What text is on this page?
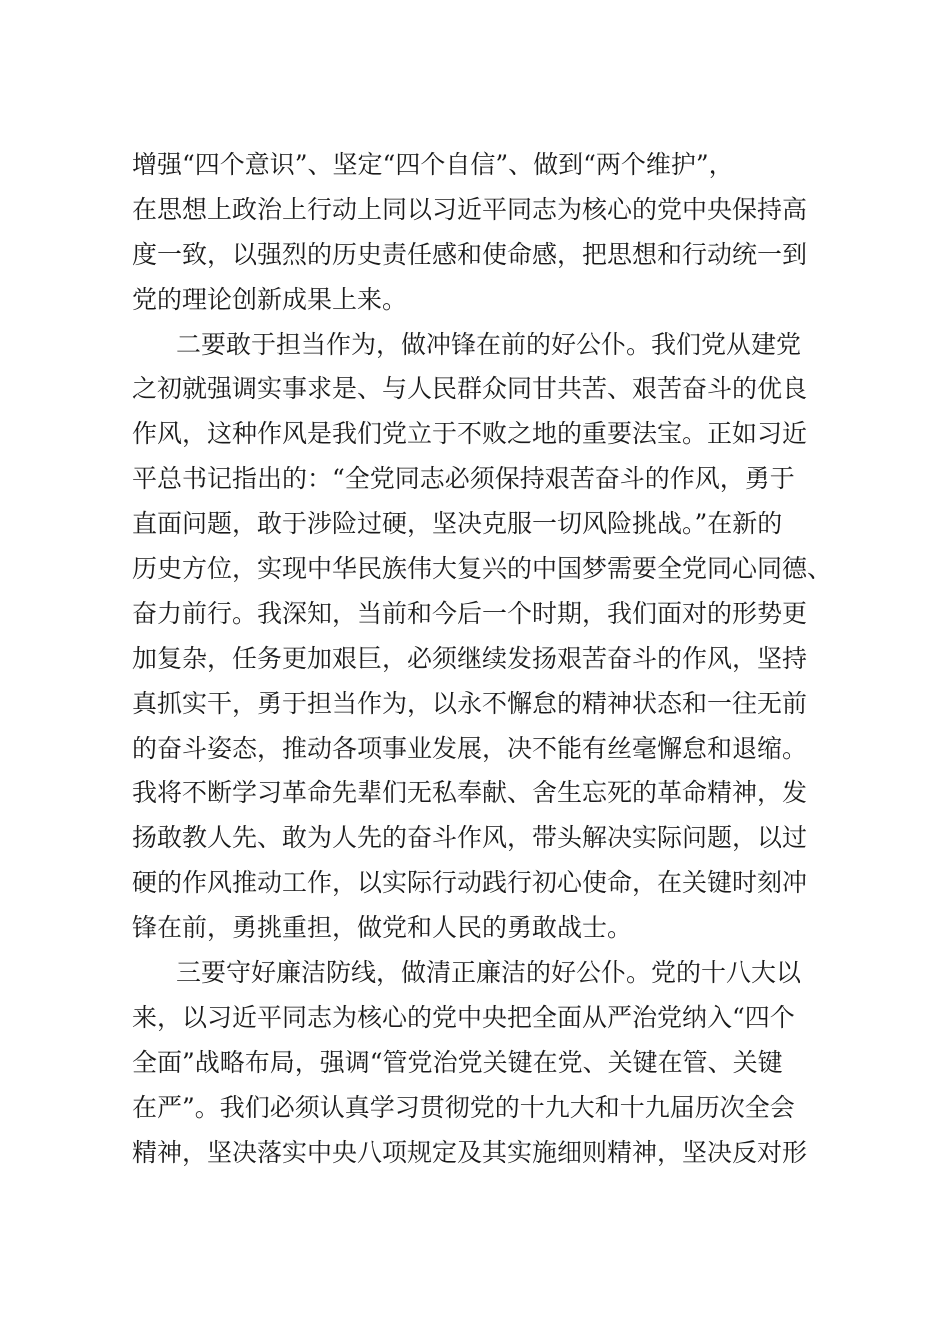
增强“四个意识”、坚定“四个自信”、做到“两个维护”，
在思想上政治上行动上同以习近平同志为核心的党中央保持高
度一致，以强烈的历史责任感和使命感，把思想和行动统一到
党的理论创新成果上来。
二要敢于担当作为，做冲锋在前的好公仆。我们党从建党
之初就强调实事求是、与人民群众同甘共苦、艰苦奋斗的优良
作风，这种作风是我们党立于不败之地的重要法宝。正如习近
平总书记指出的：“全党同志必须保持艰苦奋斗的作风，勇于
直面问题，敢于涉险过硬，坚决克服一切风险挑战。”在新的
历史方位，实现中华民族伟大复兴的中国梦需要全党同心同德、
奋力前行。我深知，当前和今后一个时期，我们面对的形势更
加复杂，任务更加艰巨，必须继续发扬艰苦奋斗的作风，坚持
真抓实干，勇于担当作为，以永不懈怠的精神状态和一往无前
的奋斗姿态，推动各项事业发展，决不能有丝毫懈怠和退缩。
我将不断学习革命先辈们无私奉献、舍生忘死的革命精神，发
扬敢教人先、敢为人先的奋斗作风，带头解决实际问题，以过
硬的作风推动工作，以实际行动践行初心使命，在关键时刻冲
锋在前，勇挑重担，做党和人民的勇敢战士。
三要守好廉洁防线，做清正廉洁的好公仆。党的十八大以
来，以习近平同志为核心的党中央把全面从严治党纳入“四个
全面”战略布局，强调“管党治党关键在党、关键在管、关键
在严”。我们必须认真学习贯彻党的十九大和十九届历次全会
精神，坚决落实中央八项规定及其实施细则精神，坚决反对形
